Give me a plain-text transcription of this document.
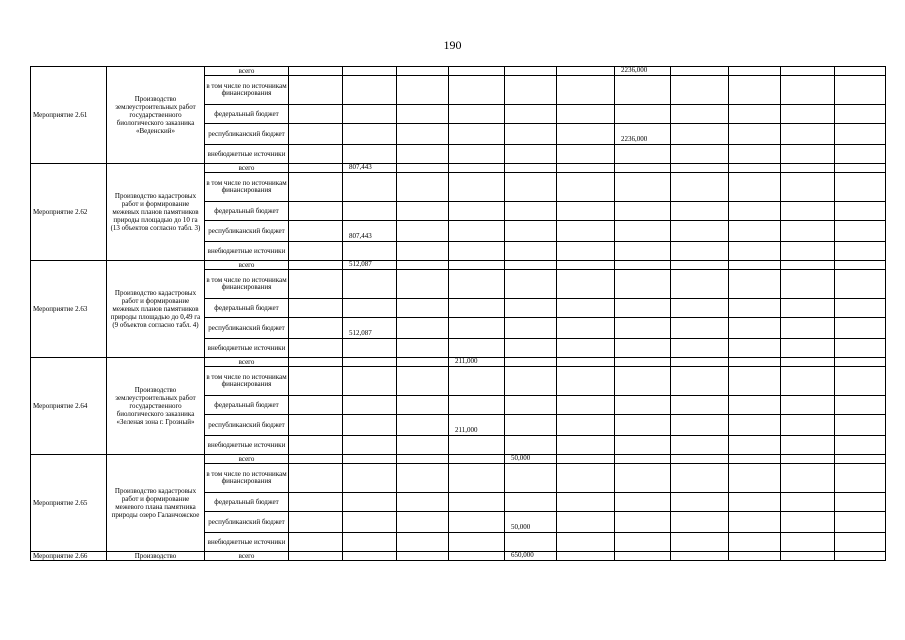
190
Мероприятие 2.61	Производство землеустроительных работ государственного биологического заказника «Веденский»	всего							2236,000				
		в том числе по источникам финансирования											
		федеральный бюджет											
		республиканский бюджет							2236,000				
		внебюджетные источники											
Мероприятие 2.62	Производство кадастровых работ и формирование межевых планов памятников природы площадью до 10 га (13 объектов согласно табл. 3)	всего		807,443									
		в том числе по источникам финансирования											
		федеральный бюджет											
		республиканский бюджет		807,443									
		внебюджетные источники											
Мероприятие 2.63	Производство кадастровых работ и формирование межевых планов памятников природы площадью до 0,49 га (9 объектов согласно табл. 4)	всего		512,087									
		в том числе по источникам финансирования											
		федеральный бюджет											
		республиканский бюджет		512,087									
		внебюджетные источники											
Мероприятие 2.64	Производство землеустроительных работ государственного биологического заказника «Зеленая зона г. Грозный»	всего				211,000							
		в том числе по источникам финансирования											
		федеральный бюджет											
		республиканский бюджет				211,000							
		внебюджетные источники											
Мероприятие 2.65	Производство кадастровых работ и формирование межевого плана памятника природы озеро Галанчожское	всего					50,000						
		в том числе по источникам финансирования											
		федеральный бюджет											
		республиканский бюджет					50,000						
		внебюджетные источники											
Мероприятие 2.66	Производство	всего					650,000						
